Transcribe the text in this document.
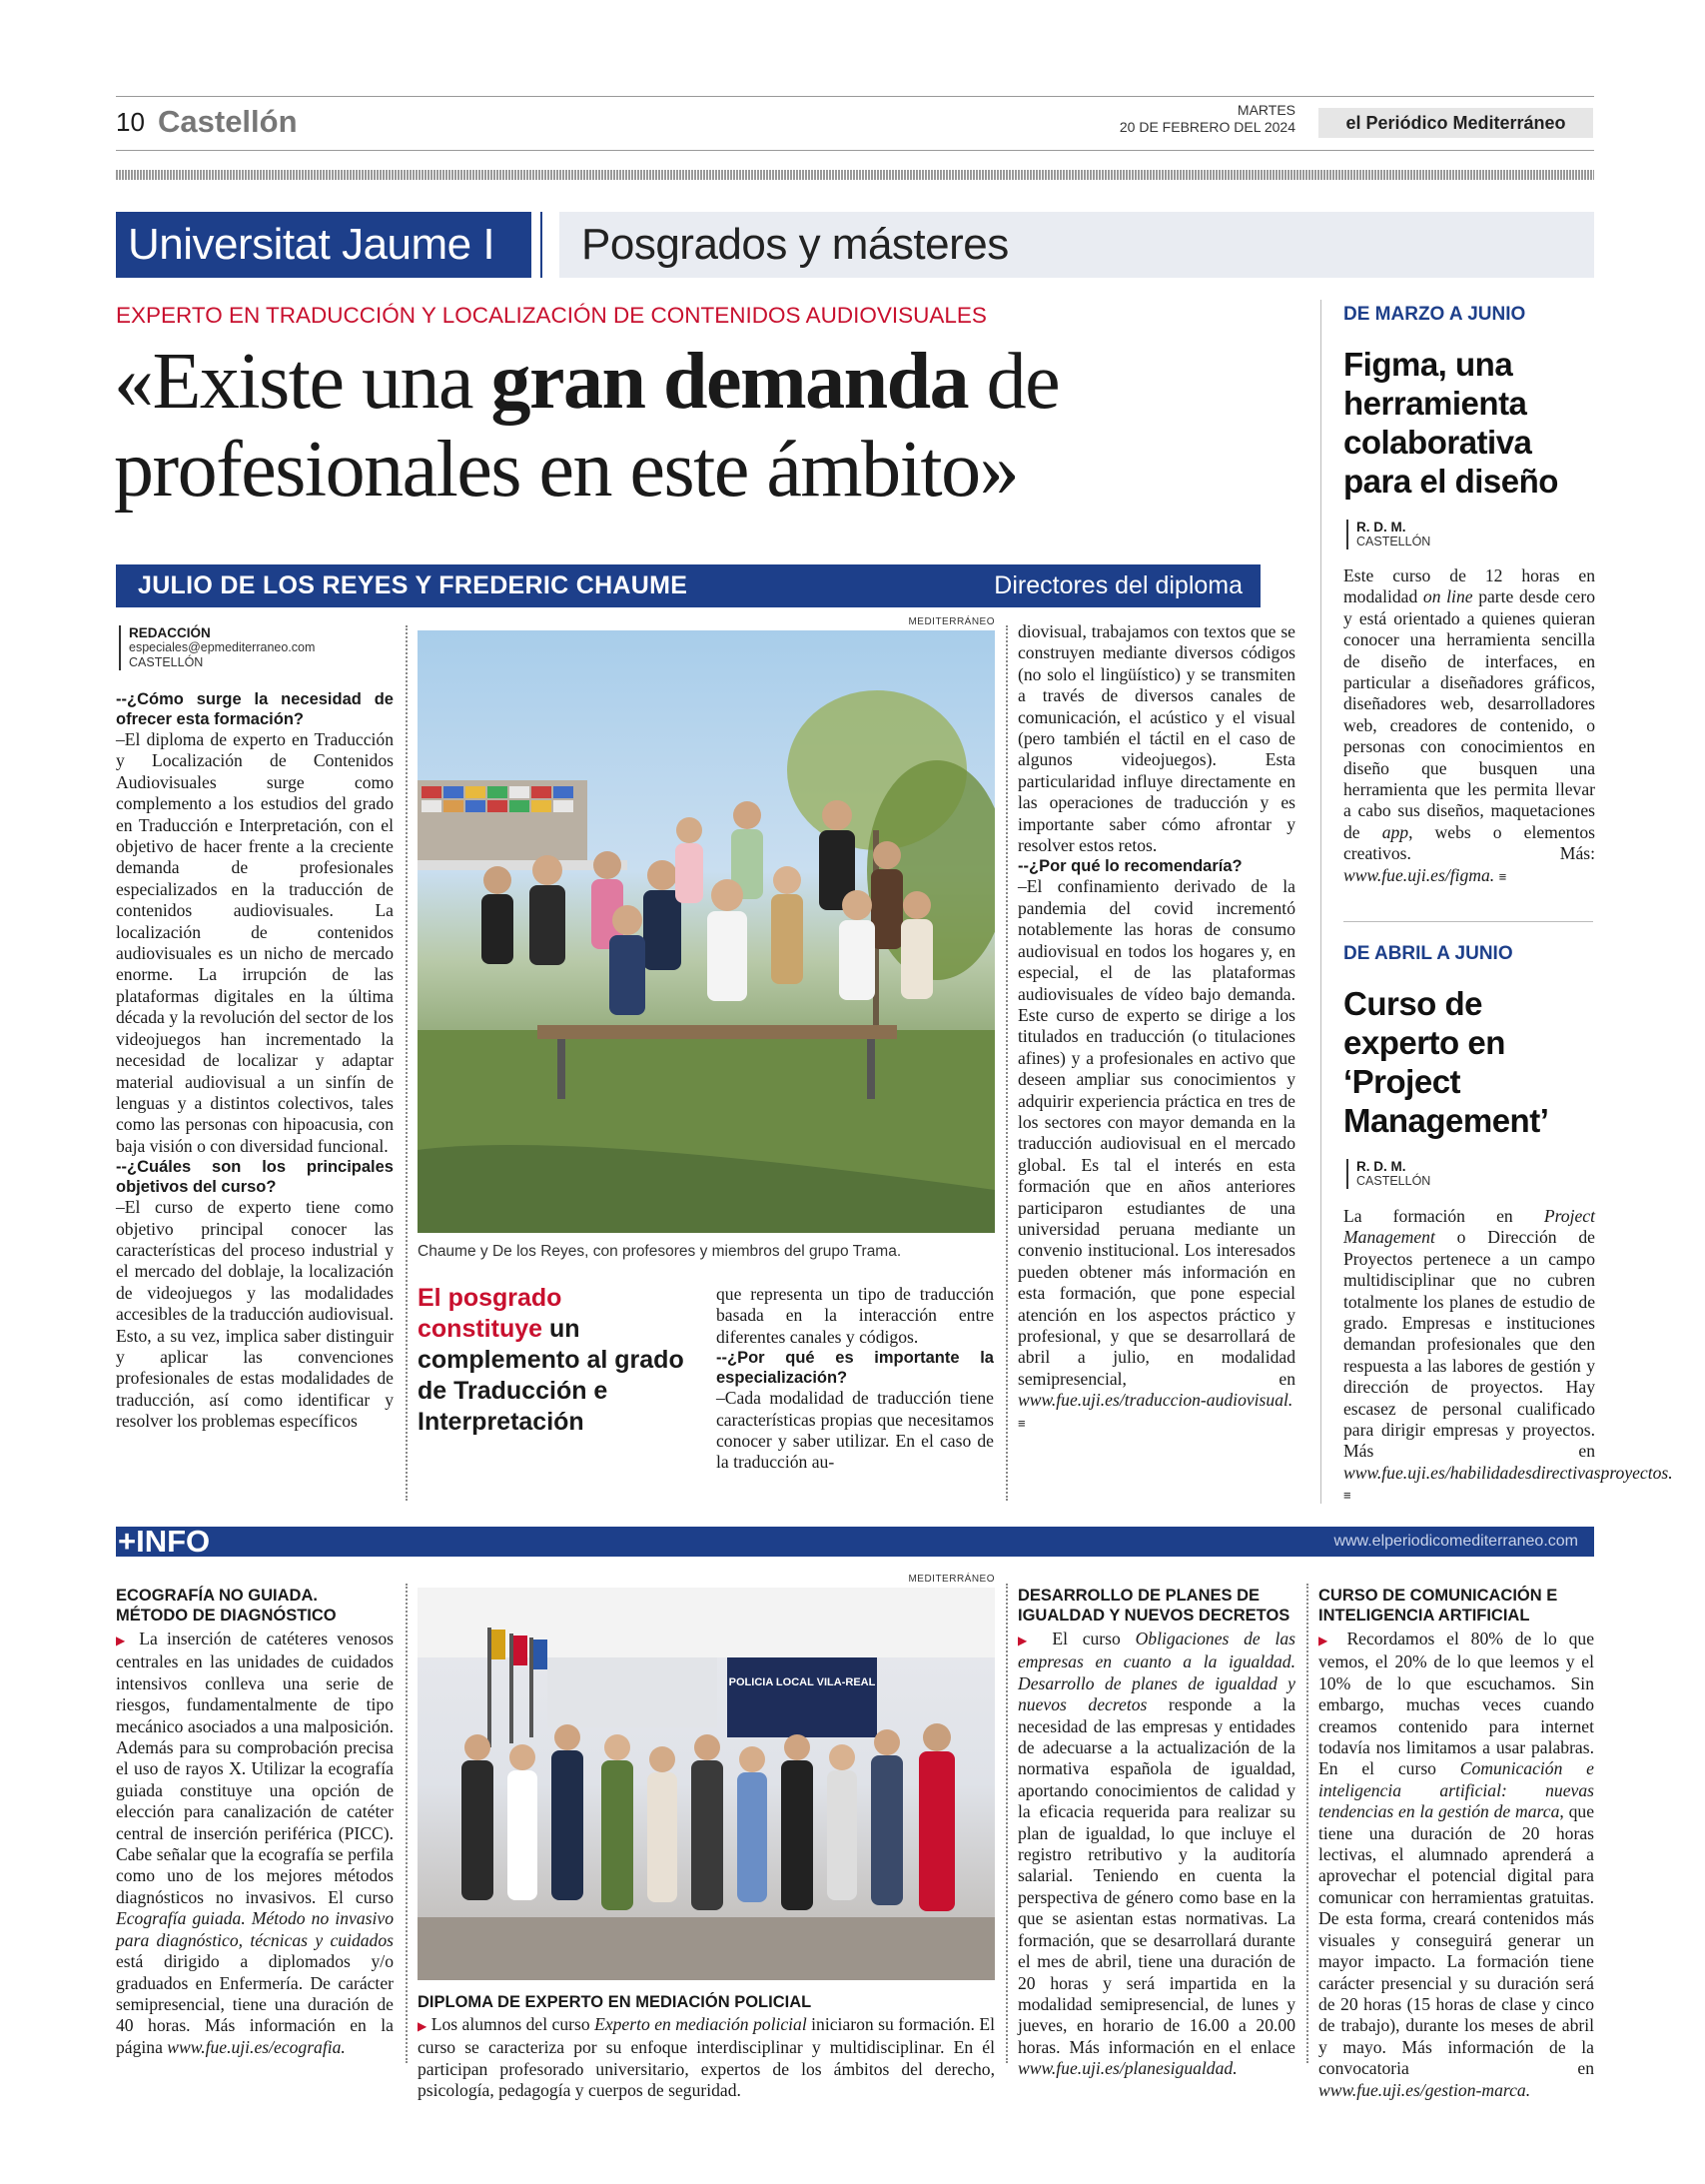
10 Castellón	MARTES
20 DE FEBRERO DEL 2024	el Periódico Mediterráneo
Universitat Jaume I	Posgrados y másteres
EXPERTO EN TRADUCCIÓN Y LOCALIZACIÓN DE CONTENIDOS AUDIOVISUALES
«Existe una gran demanda de
profesionales en este ámbito»
JULIO DE LOS REYES Y FREDERIC CHAUME	Directores del diploma
REDACCIÓN
especiales@epmediterraneo.com
CASTELLÓN

--¿Cómo surge la necesidad de ofrecer esta formación?

–El diploma de experto en Traducción y Localización de Contenidos Audiovisuales surge como complemento a los estudios del grado en Traducción e Interpretación, con el objetivo de hacer frente a la creciente demanda de profesionales especializados en la traducción de contenidos audiovisuales. La localización de contenidos audiovisuales es un nicho de mercado enorme. La irrupción de las plataformas digitales en la última década y la revolución del sector de los videojuegos han incrementado la necesidad de localizar y adaptar material audiovisual a un sinfín de lenguas y a distintos colectivos, tales como las personas con hipoacusia, con baja visión o con diversidad funcional.

--¿Cuáles son los principales objetivos del curso?

–El curso de experto tiene como objetivo principal conocer las características del proceso industrial y el mercado del doblaje, la localización de videojuegos y las modalidades accesibles de la traducción audiovisual. Esto, a su vez, implica saber distinguir y aplicar las convenciones profesionales de estas modalidades de traducción, así como identificar y resolver los problemas específicos

MEDITERRÁNEO
Chaume y De los Reyes, con profesores y miembros del grupo Trama.
El posgrado constituye un complemento al grado de Traducción e Interpretación

que representa un tipo de traducción basada en la interacción entre diferentes canales y códigos.

--¿Por qué es importante la especialización?

–Cada modalidad de traducción tiene características propias que necesitamos conocer y saber utilizar. En el caso de la traducción au-

diovisual, trabajamos con textos que se construyen mediante diversos códigos (no solo el lingüístico) y se transmiten a través de diversos canales de comunicación, el acústico y el visual (pero también el táctil en el caso de algunos videojuegos). Esta particularidad influye directamente en las operaciones de traducción y es importante saber cómo afrontar y resolver estos retos.

--¿Por qué lo recomendaría?

–El confinamiento derivado de la pandemia del covid incrementó notablemente las horas de consumo audiovisual en todos los hogares y, en especial, el de las plataformas audiovisuales de vídeo bajo demanda. Este curso de experto se dirige a los titulados en traducción (o titulaciones afines) y a profesionales en activo que deseen ampliar sus conocimientos y adquirir experiencia práctica en tres de los sectores con mayor demanda en la traducción audiovisual en el mercado global. Es tal el interés en esta formación que en años anteriores participaron estudiantes de una universidad peruana mediante un convenio institucional. Los interesados pueden obtener más información en esta formación, que pone especial atención en los aspectos práctico y profesional, y que se desarrollará de abril a julio, en modalidad semipresencial, en www.fue.uji.es/traduccion-audiovisual. ≡

DE MARZO A JUNIO
Figma, una herramienta colaborativa para el diseño
R. D. M.
CASTELLÓN

Este curso de 12 horas en modalidad on line parte desde cero y está orientado a quienes quieran conocer una herramienta sencilla de diseño de interfaces, en particular a diseñadores gráficos, diseñadores web, desarrolladores web, creadores de contenido, o personas con conocimientos en diseño que busquen una herramienta que les permita llevar a cabo sus diseños, maquetaciones de app, webs o elementos creativos. Más: www.fue.uji.es/figma. ≡

DE ABRIL A JUNIO
Curso de experto en ‘Project Management’
R. D. M.
CASTELLÓN

La formación en Project Management o Dirección de Proyectos pertenece a un campo multidisciplinar que no cubren totalmente los planes de estudio de grado. Empresas e instituciones demandan profesionales que den respuesta a las labores de gestión y dirección de proyectos. Hay escasez de personal cualificado para dirigir empresas y proyectos. Más en www.fue.uji.es/habilidadesdirectivasproyectos. ≡

+INFO	www.elperiodicomediterraneo.com
ECOGRAFÍA NO GUIADA. MÉTODO DE DIAGNÓSTICO

▶ La inserción de catéteres venosos centrales en las unidades de cuidados intensivos conlleva una serie de riesgos, fundamentalmente de tipo mecánico asociados a una malposición. Además para su comprobación precisa el uso de rayos X. Utilizar la ecografía guiada constituye una opción de elección para canalización de catéter central de inserción periférica (PICC). Cabe señalar que la ecografía se perfila como uno de los mejores métodos diagnósticos no invasivos. El curso Ecografía guiada. Método no invasivo para diagnóstico, técnicas y cuidados está dirigido a diplomados y/o graduados en Enfermería. De carácter semipresencial, tiene una duración de 40 horas. Más información en la página www.fue.uji.es/ecografia.

MEDITERRÁNEO
POLICIA LOCAL VILA-REAL
DIPLOMA DE EXPERTO EN MEDIACIÓN POLICIAL

▶ Los alumnos del curso Experto en mediación policial iniciaron su formación. El curso se caracteriza por su enfoque interdisciplinar y multidisciplinar. En él participan profesorado universitario, expertos de los ámbitos del derecho, psicología, pedagogía y cuerpos de seguridad.

DESARROLLO DE PLANES DE IGUALDAD Y NUEVOS DECRETOS

▶ El curso Obligaciones de las empresas en cuanto a la igualdad. Desarrollo de planes de igualdad y nuevos decretos responde a la necesidad de las empresas y entidades de adecuarse a la actualización de la normativa española de igualdad, aportando conocimientos de calidad y la eficacia requerida para realizar su plan de igualdad, lo que incluye el registro retributivo y la auditoría salarial. Teniendo en cuenta la perspectiva de género como base en la que se asientan estas normativas. La formación, que se desarrollará durante el mes de abril, tiene una duración de 20 horas y será impartida en la modalidad semipresencial, de lunes y jueves, en horario de 16.00 a 20.00 horas. Más información en el enlace www.fue.uji.es/planesigualdad.

CURSO DE COMUNICACIÓN E INTELIGENCIA ARTIFICIAL

▶ Recordamos el 80% de lo que vemos, el 20% de lo que leemos y el 10% de lo que escuchamos. Sin embargo, muchas veces cuando creamos contenido para internet todavía nos limitamos a usar palabras. En el curso Comunicación e inteligencia artificial: nuevas tendencias en la gestión de marca, que tiene una duración de 20 horas lectivas, el alumnado aprenderá a aprovechar el potencial digital para comunicar con herramientas gratuitas. De esta forma, creará contenidos más visuales y conseguirá generar un mayor impacto. La formación tiene carácter presencial y su duración será de 20 horas (15 horas de clase y cinco de trabajo), durante los meses de abril y mayo. Más información de la convocatoria en www.fue.uji.es/gestion-marca.
